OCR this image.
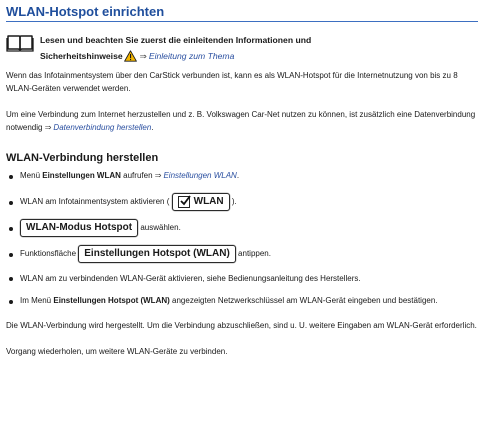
WLAN-Hotspot einrichten
Lesen und beachten Sie zuerst die einleitenden Informationen und
Sicherheitshinweise ⇒ Einleitung zum Thema

Wenn das Infotainmentsystem über den CarStick verbunden ist, kann es als WLAN-Hotspot für die Internetnutzung von bis zu 8 WLAN-Geräten verwendet werden.

Um eine Verbindung zum Internet herzustellen und z. B. Volkswagen Car-Net nutzen zu können, ist zusätzlich eine Datenverbindung notwendig ⇒ Datenverbindung herstellen.

WLAN-Verbindung herstellen
Menü Einstellungen WLAN aufrufen ⇒ Einstellungen WLAN.
WLAN am Infotainmentsystem aktivieren ( WLAN ).
WLAN-Modus Hotspot auswählen.
Funktionsfläche Einstellungen Hotspot (WLAN) antippen.
WLAN am zu verbindenden WLAN-Gerät aktivieren, siehe Bedienungsanleitung des Herstellers.
Im Menü Einstellungen Hotspot (WLAN) angezeigten Netzwerkschlüssel am WLAN-Gerät eingeben und bestätigen.

Die WLAN-Verbindung wird hergestellt. Um die Verbindung abzuschließen, sind u. U. weitere Eingaben am WLAN-Gerät erforderlich.

Vorgang wiederholen, um weitere WLAN-Geräte zu verbinden.
